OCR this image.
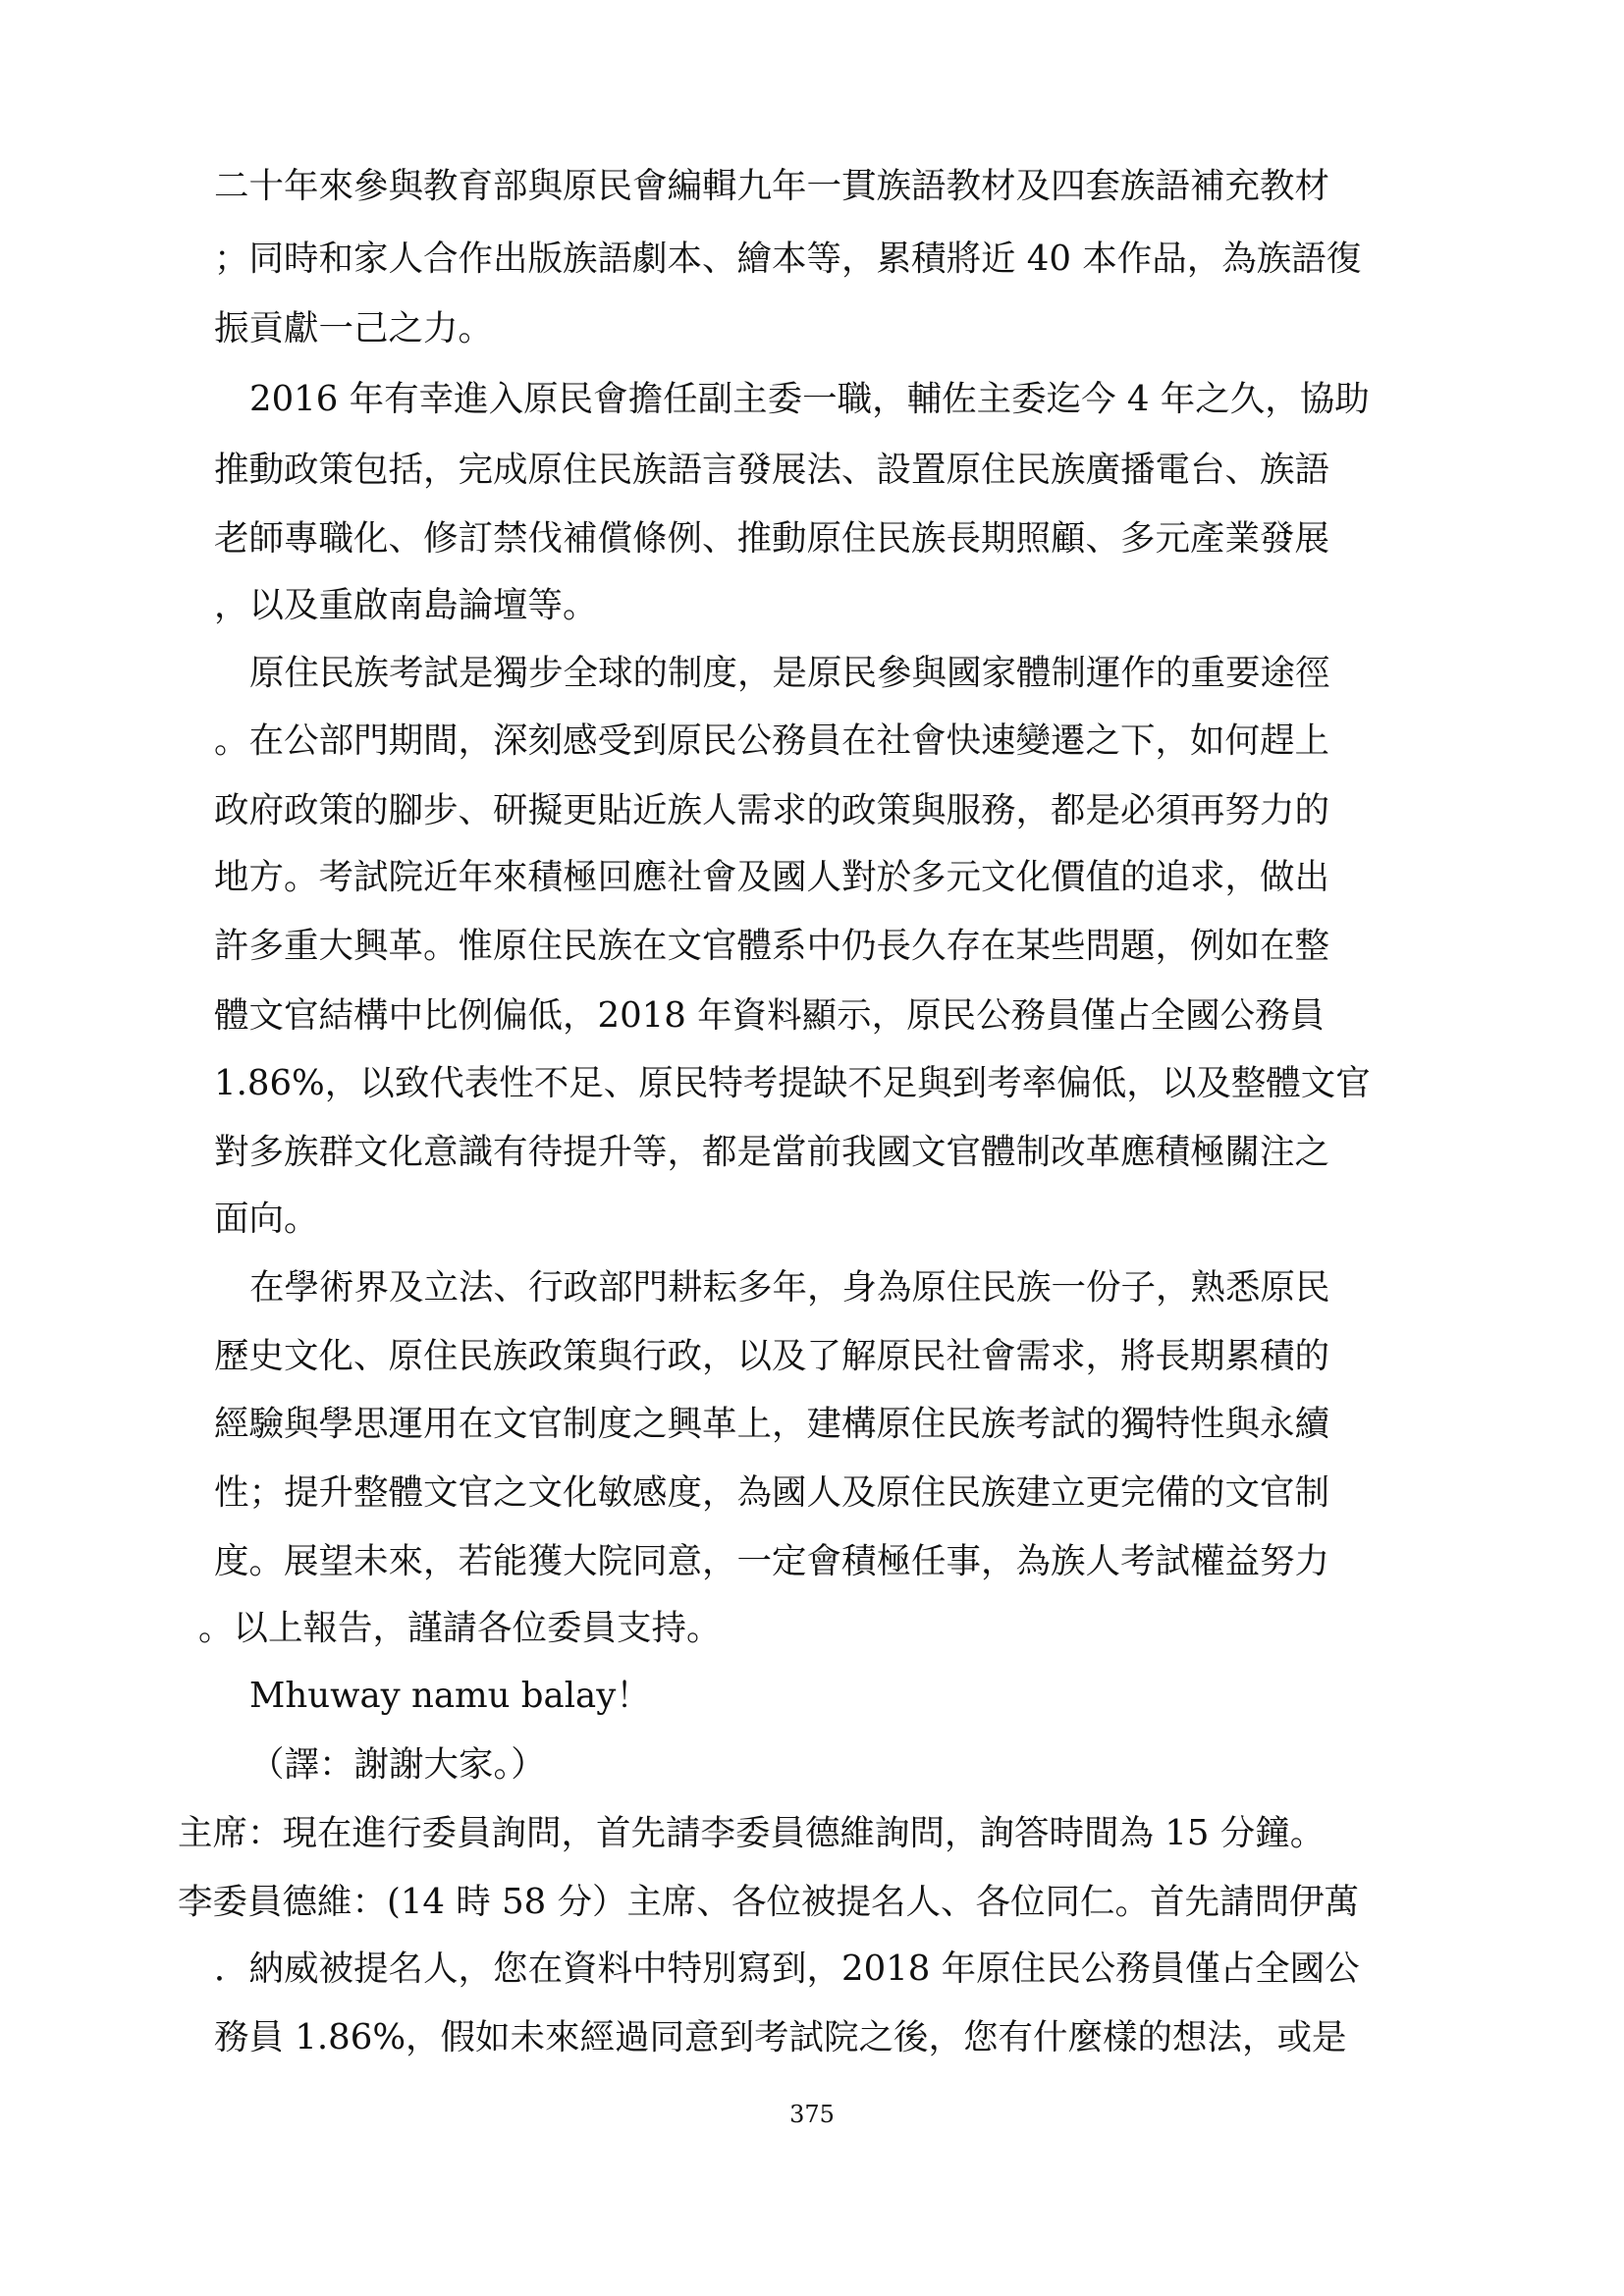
二十年來參與教育部與原民會編輯九年一貫族語教材及四套族語補充教材
；同時和家人合作出版族語劇本、繪本等，累積將近 40 本作品，為族語復
振貢獻一己之力。
2016 年有幸進入原民會擔任副主委一職，輔佐主委迄今 4 年之久，協助
推動政策包括，完成原住民族語言發展法、設置原住民族廣播電台、族語
老師專職化、修訂禁伐補償條例、推動原住民族長期照顧、多元產業發展
，以及重啟南島論壇等。
原住民族考試是獨步全球的制度，是原民參與國家體制運作的重要途徑
。在公部門期間，深刻感受到原民公務員在社會快速變遷之下，如何趕上
政府政策的腳步、研擬更貼近族人需求的政策與服務，都是必須再努力的
地方。考試院近年來積極回應社會及國人對於多元文化價值的追求，做出
許多重大興革。惟原住民族在文官體系中仍長久存在某些問題，例如在整
體文官結構中比例偏低，2018 年資料顯示，原民公務員僅占全國公務員
1.86%，以致代表性不足、原民特考提缺不足與到考率偏低，以及整體文官
對多族群文化意識有待提升等，都是當前我國文官體制改革應積極關注之
面向。
在學術界及立法、行政部門耕耘多年，身為原住民族一份子，熟悉原民
歷史文化、原住民族政策與行政，以及了解原民社會需求，將長期累積的
經驗與學思運用在文官制度之興革上，建構原住民族考試的獨特性與永續
性；提升整體文官之文化敏感度，為國人及原住民族建立更完備的文官制
度。展望未來，若能獲大院同意，一定會積極任事，為族人考試權益努力
。以上報告，謹請各位委員支持。
Mhuway namu balay！
（譯：謝謝大家。）
主席：現在進行委員詢問，首先請李委員德維詢問，詢答時間為 15 分鐘。
李委員德維：(14 時 58 分）主席、各位被提名人、各位同仁。首先請問伊萬
．納威被提名人，您在資料中特別寫到，2018 年原住民公務員僅占全國公
務員 1.86%，假如未來經過同意到考試院之後，您有什麼樣的想法，或是
375
